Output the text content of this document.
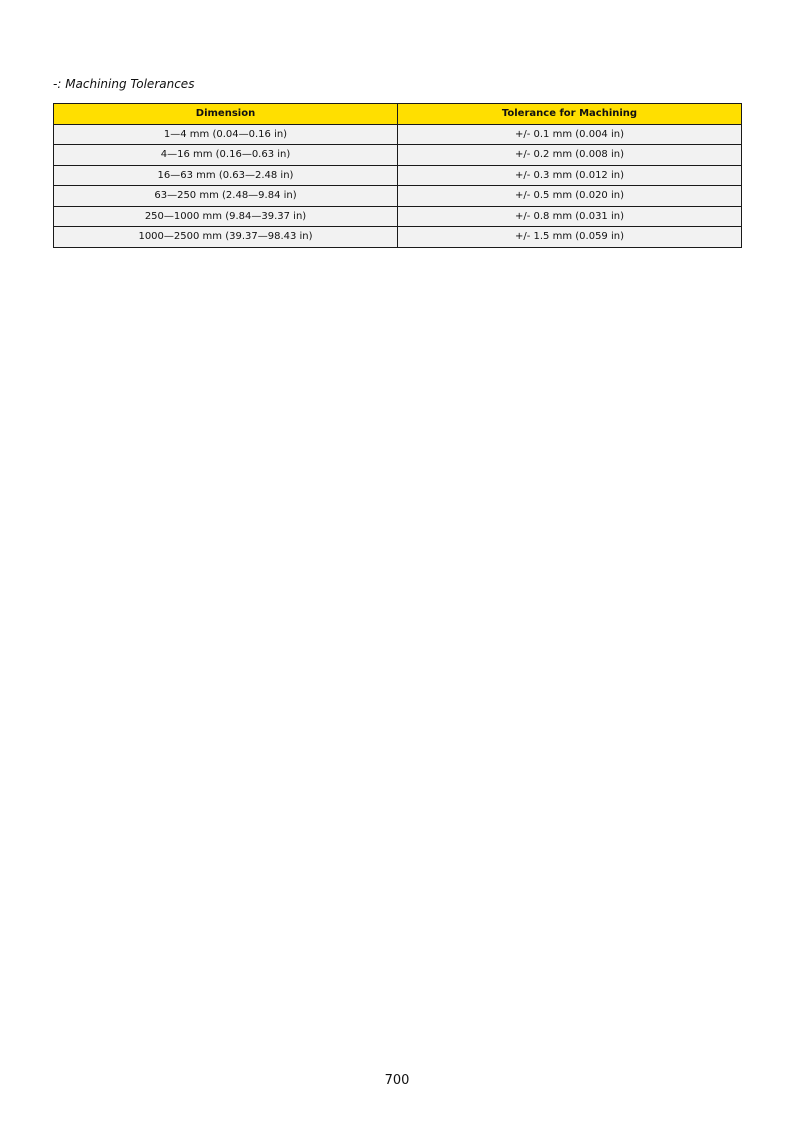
-: Machining Tolerances
Dimension	Tolerance for Machining
1—4 mm (0.04—0.16 in)	+/- 0.1 mm (0.004 in)
4—16 mm (0.16—0.63 in)	+/- 0.2 mm (0.008 in)
16—63 mm (0.63—2.48 in)	+/- 0.3 mm (0.012 in)
63—250 mm (2.48—9.84 in)	+/- 0.5 mm (0.020 in)
250—1000 mm (9.84—39.37 in)	+/- 0.8 mm (0.031 in)
1000—2500 mm (39.37—98.43 in)	+/- 1.5 mm (0.059 in)
700
